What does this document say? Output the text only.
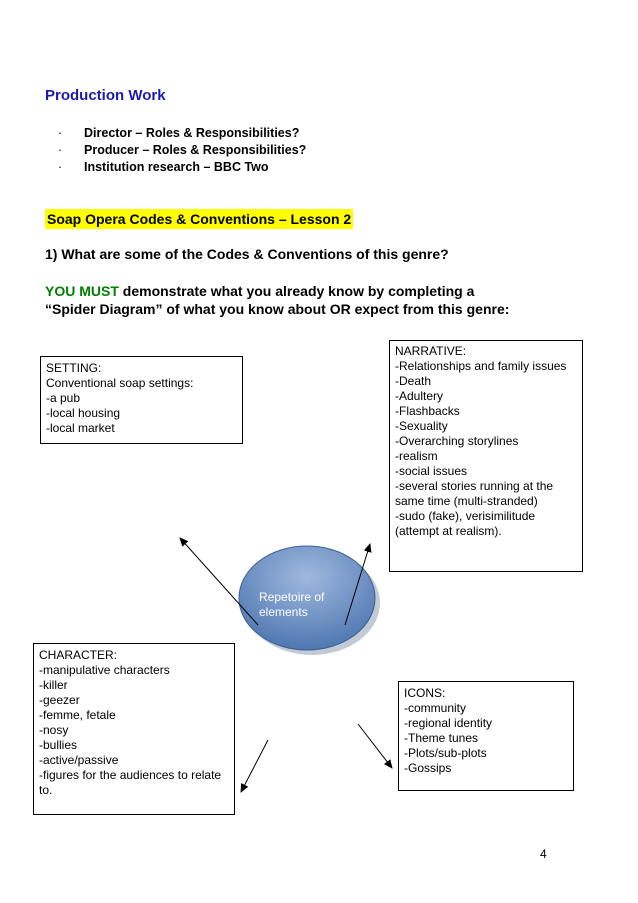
Production Work
· Director – Roles & Responsibilities?
· Producer – Roles & Responsibilities?
· Institution research – BBC Two
Soap Opera Codes & Conventions – Lesson 2
1) What are some of the Codes & Conventions of this genre?
YOU MUST demonstrate what you already know by completing a “Spider Diagram” of what you know about OR expect from this genre:
Repetoire of
elements
SETTING:
Conventional soap settings:
-a pub
-local housing
-local market
NARRATIVE:
-Relationships and family issues
-Death
-Adultery
-Flashbacks
-Sexuality
-Overarching storylines
-realism
-social issues
-several stories running at the same time (multi-stranded)
-sudo (fake), verisimilitude (attempt at realism).
CHARACTER:
-manipulative characters
-killer
-geezer
-femme, fetale
-nosy
-bullies
-active/passive
-figures for the audiences to relate to.
ICONS:
-community
-regional identity
-Theme tunes
-Plots/sub-plots
-Gossips
4
